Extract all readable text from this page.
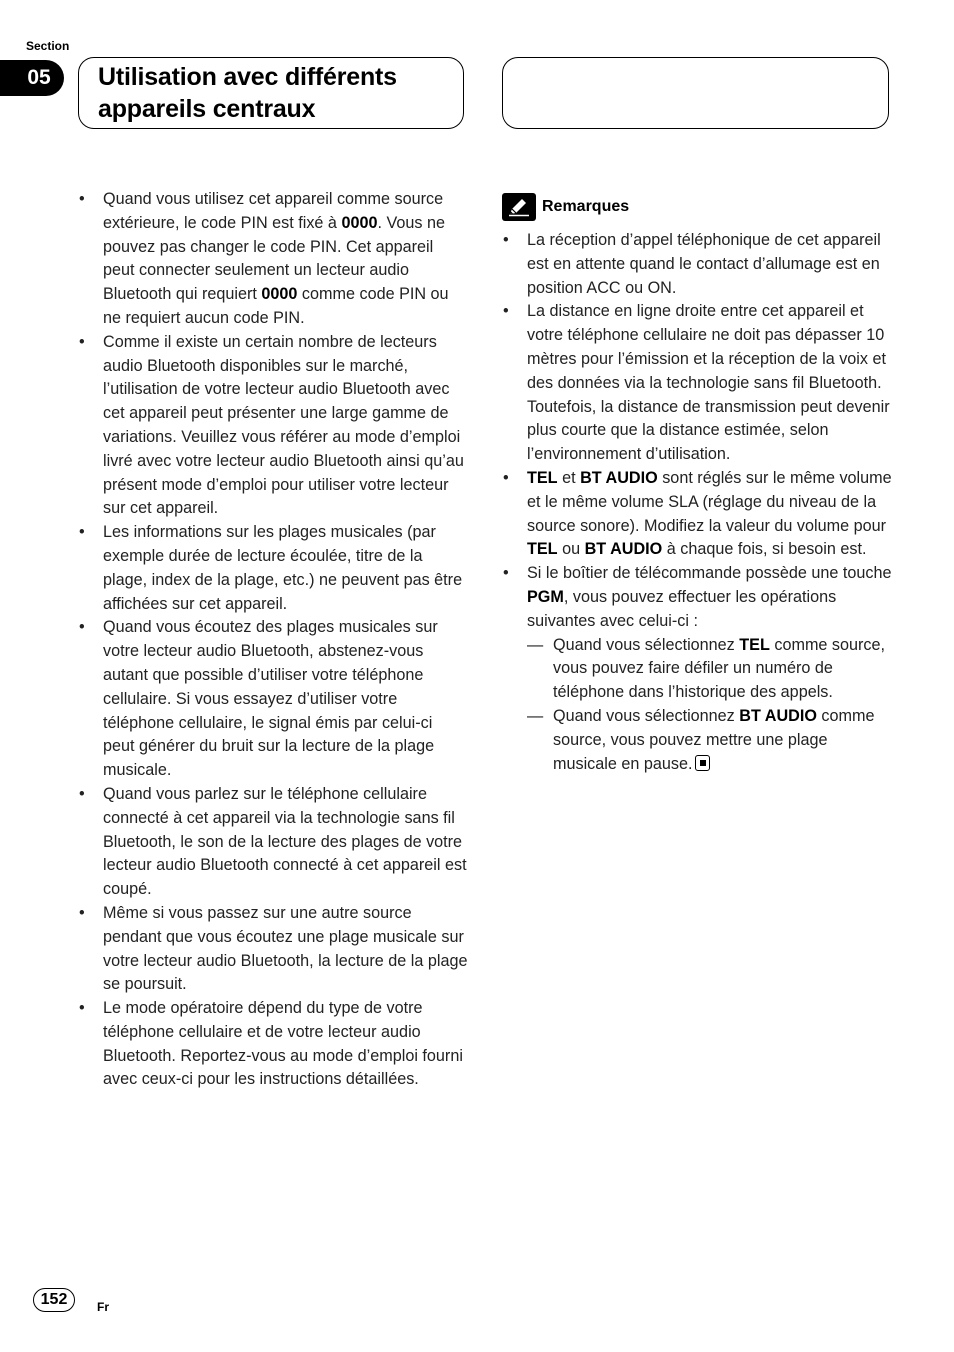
Section
05	Utilisation avec différents
appareils centraux
• Quand vous utilisez cet appareil comme source extérieure, le code PIN est fixé à 0000. Vous ne pouvez pas changer le code PIN. Cet appareil peut connecter seulement un lecteur audio Bluetooth qui requiert 0000 comme code PIN ou ne requiert aucun code PIN.
• Comme il existe un certain nombre de lecteurs audio Bluetooth disponibles sur le marché, l’utilisation de votre lecteur audio Bluetooth avec cet appareil peut présenter une large gamme de variations. Veuillez vous référer au mode d’emploi livré avec votre lecteur audio Bluetooth ainsi qu’au présent mode d’emploi pour utiliser votre lecteur sur cet appareil.
• Les informations sur les plages musicales (par exemple durée de lecture écoulée, titre de la plage, index de la plage, etc.) ne peuvent pas être affichées sur cet appareil.
• Quand vous écoutez des plages musicales sur votre lecteur audio Bluetooth, abstenez-vous autant que possible d’utiliser votre téléphone cellulaire. Si vous essayez d’utiliser votre téléphone cellulaire, le signal émis par celui-ci peut générer du bruit sur la lecture de la plage musicale.
• Quand vous parlez sur le téléphone cellulaire connecté à cet appareil via la technologie sans fil Bluetooth, le son de la lecture des plages de votre lecteur audio Bluetooth connecté à cet appareil est coupé.
• Même si vous passez sur une autre source pendant que vous écoutez une plage musicale sur votre lecteur audio Bluetooth, la lecture de la plage se poursuit.
• Le mode opératoire dépend du type de votre téléphone cellulaire et de votre lecteur audio Bluetooth. Reportez-vous au mode d’emploi fourni avec ceux-ci pour les instructions détaillées.
Remarques
• La réception d’appel téléphonique de cet appareil est en attente quand le contact d’allumage est en position ACC ou ON.
• La distance en ligne droite entre cet appareil et votre téléphone cellulaire ne doit pas dépasser 10 mètres pour l’émission et la réception de la voix et des données via la technologie sans fil Bluetooth. Toutefois, la distance de transmission peut devenir plus courte que la distance estimée, selon l’environnement d’utilisation.
• TEL et BT AUDIO sont réglés sur le même volume et le même volume SLA (réglage du niveau de la source sonore). Modifiez la valeur du volume pour TEL ou BT AUDIO à chaque fois, si besoin est.
• Si le boîtier de télécommande possède une touche PGM, vous pouvez effectuer les opérations suivantes avec celui-ci :
— Quand vous sélectionnez TEL comme source, vous pouvez faire défiler un numéro de téléphone dans l’historique des appels.
— Quand vous sélectionnez BT AUDIO comme source, vous pouvez mettre une plage musicale en pause.
152	Fr
